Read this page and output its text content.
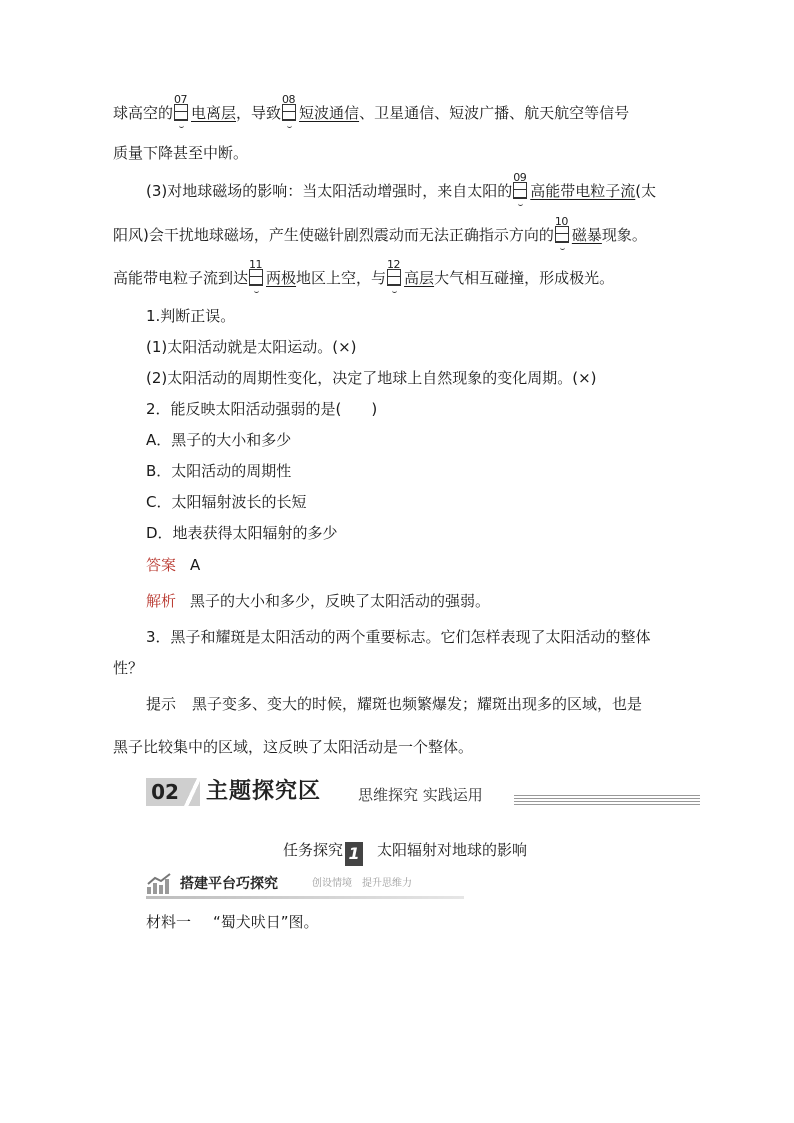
球高空的
07
电离层，导致
08
短波通信、卫星通信、短波广播、航天航空等信号
质量下降甚至中断。
(3)对地球磁场的影响：当太阳活动增强时，来自太阳的
09
高能带电粒子流(太
阳风)会干扰地球磁场，产生使磁针剧烈震动而无法正确指示方向的
10
磁暴现象。
高能带电粒子流到达
11
两极地区上空，与
12
高层大气相互碰撞，形成极光。
1.判断正误。
(1)太阳活动就是太阳运动。(×)
(2)太阳活动的周期性变化，决定了地球上自然现象的变化周期。(×)
2．能反映太阳活动强弱的是(　　)
A．黑子的大小和多少
B．太阳活动的周期性
C．太阳辐射波长的长短
D．地表获得太阳辐射的多少
答案 A
解析 黑子的大小和多少，反映了太阳活动的强弱。
3．黑子和耀斑是太阳活动的两个重要标志。它们怎样表现了太阳活动的整体
性？
提示 黑子变多、变大的时候，耀斑也频繁爆发；耀斑出现多的区域，也是
黑子比较集中的区域，这反映了太阳活动是一个整体。
02 主题探究区 思维探究 实践运用
任务探究 1 太阳辐射对地球的影响
搭建平台巧探究	创设情境　提升思维力
材料一 “蜀犬吠日”图。
